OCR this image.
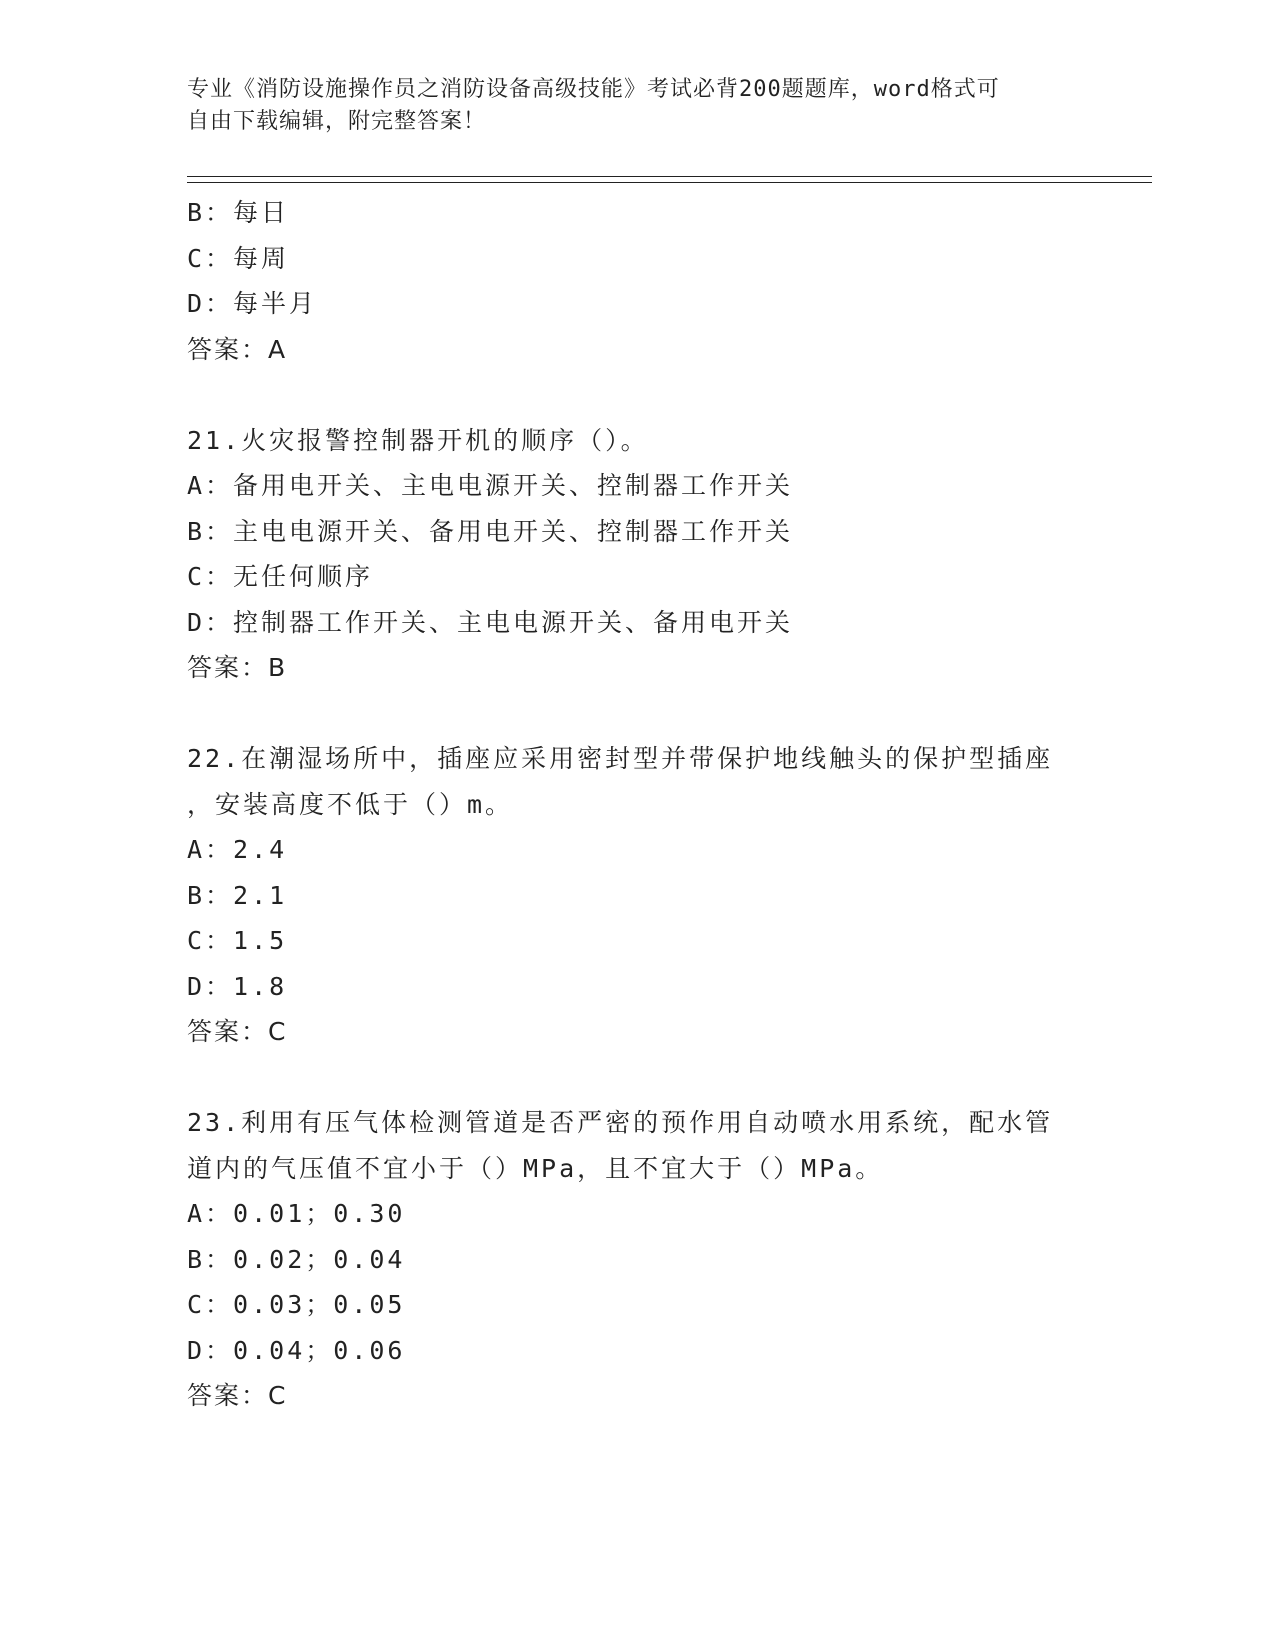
专业《消防设施操作员之消防设备高级技能》考试必背200题题库，word格式可
自由下载编辑，附完整答案！
B：每日
C：每周
D：每半月
答案：A
21.火灾报警控制器开机的顺序（）。
A：备用电开关、主电电源开关、控制器工作开关
B：主电电源开关、备用电开关、控制器工作开关
C：无任何顺序
D：控制器工作开关、主电电源开关、备用电开关
答案：B
22.在潮湿场所中，插座应采用密封型并带保护地线触头的保护型插座
，安装高度不低于（）m。
A：2.4
B：2.1
C：1.5
D：1.8
答案：C
23.利用有压气体检测管道是否严密的预作用自动喷水用系统，配水管
道内的气压值不宜小于（）MPa，且不宜大于（）MPa。
A：0.01；0.30
B：0.02；0.04
C：0.03；0.05
D：0.04；0.06
答案：C
